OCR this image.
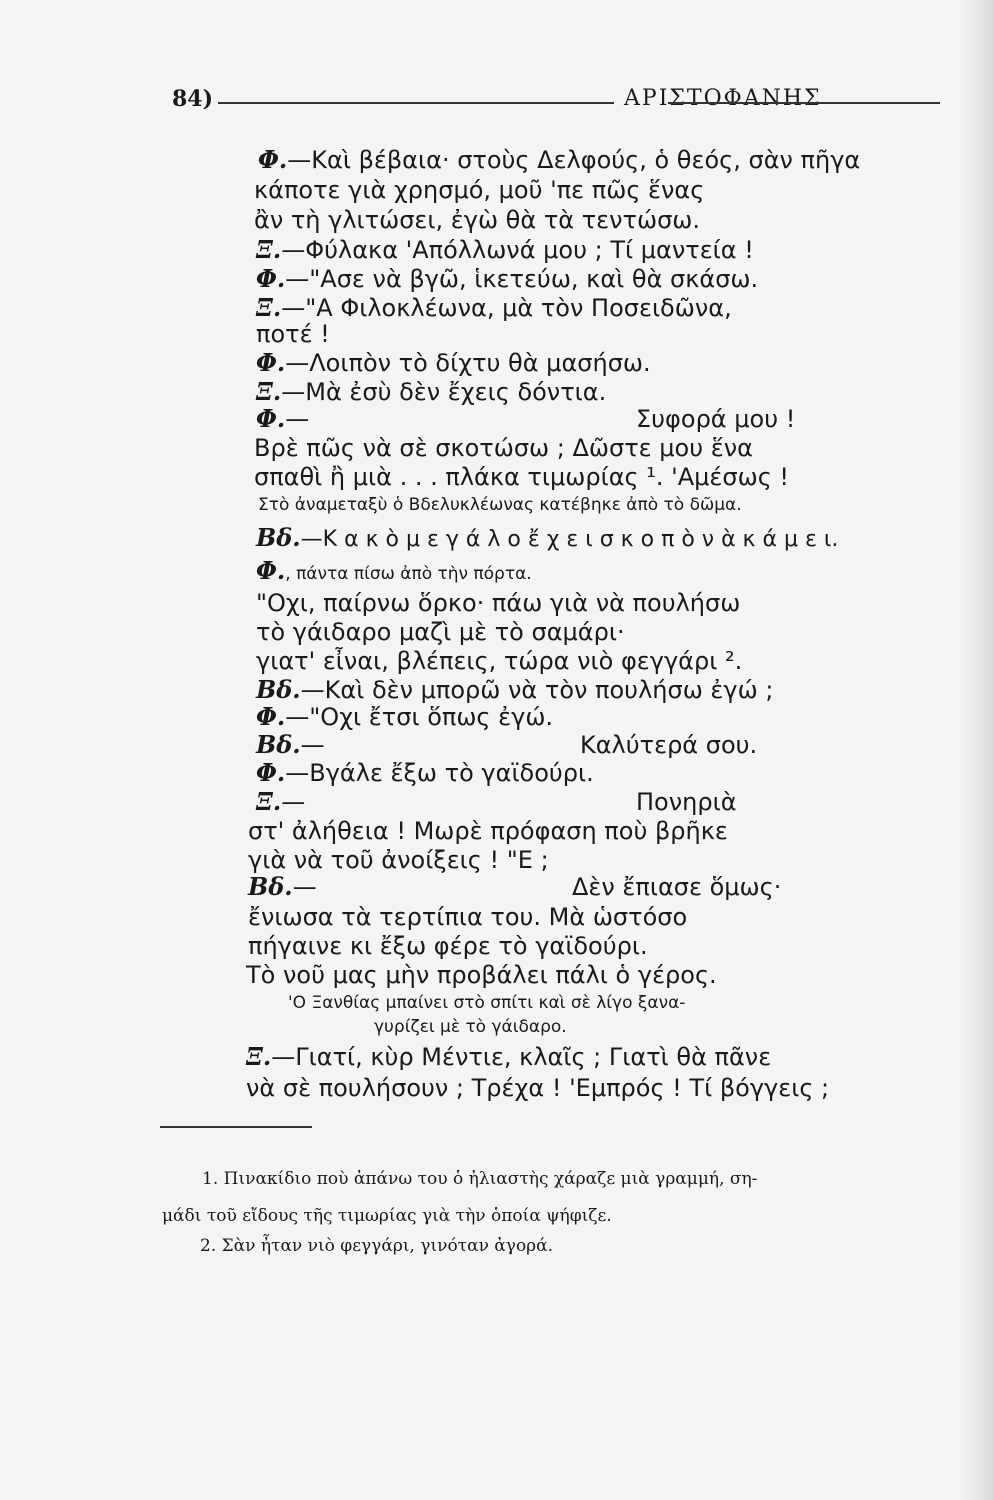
84)	ΑΡΙΣΤΟΦΑΝΗΣ
Φ.—Καὶ βέβαια· στοὺς Δελφούς, ὁ θεός, σὰν πῆγα
κάποτε γιὰ χρησμό, μοῦ 'πε πῶς ἕνας
ἂν τὴ γλιτώσει, ἐγὼ θὰ τὰ τεντώσω.
Ξ.—Φύλακα 'Απόλλωνά μου ; Τί μαντεία !
Φ.—"Ασε νὰ βγῶ, ἱκετεύω, καὶ θὰ σκάσω.
Ξ.—"Α Φιλοκλέωνα, μὰ τὸν Ποσειδῶνα,
ποτέ !
Φ.—Λοιπὸν τὸ δίχτυ θὰ μασήσω.
Ξ.—Μὰ ἐσὺ δὲν ἔχεις δόντια.
Φ.—	Συφορά μου !
Βρὲ πῶς νὰ σὲ σκοτώσω ; Δῶστε μου ἕνα
σπαθὶ ἢ μιὰ . . . πλάκα τιμωρίας ¹. 'Αμέσως !
Στὸ ἀναμεταξὺ ὁ Βδελυκλέωνας κατέβηκε ἀπὸ τὸ δῶμα.
Βδ.—Κ α κ ὸ μ ε γ ά λ ο ἔ χ ε ι σ κ ο π ὸ ν ὰ κ ά μ ε ι.
Φ., πάντα πίσω ἀπὸ τὴν πόρτα.
"Οχι, παίρνω ὅρκο· πάω γιὰ νὰ πουλήσω
τὸ γάιδαρο μαζὶ μὲ τὸ σαμάρι·
γιατ' εἶναι, βλέπεις, τώρα νιὸ φεγγάρι ².
Βδ.—Καὶ δὲν μπορῶ νὰ τὸν πουλήσω ἐγώ ;
Φ.—"Οχι ἔτσι ὅπως ἐγώ.
Βδ.—	Καλύτερά σου.
Φ.—Βγάλε ἔξω τὸ γαϊδούρι.
Ξ.—	Πονηριὰ
στ' ἀλήθεια ! Μωρὲ πρόφαση ποὺ βρῆκε
γιὰ νὰ τοῦ ἀνοίξεις ! "Ε ;
Βδ.—	Δὲν ἔπιασε ὅμως·
ἔνιωσα τὰ τερτίπια του. Μὰ ὡστόσο
πήγαινε κι ἔξω φέρε τὸ γαϊδούρι.
Τὸ νοῦ μας μὴν προβάλει πάλι ὁ γέρος.
'Ο Ξανθίας μπαίνει στὸ σπίτι καὶ σὲ λίγο ξανα-
γυρίζει μὲ τὸ γάιδαρο.
Ξ.—Γιατί, κὺρ Μέντιε, κλαῖς ; Γιατὶ θὰ πᾶνε
νὰ σὲ πουλήσουν ; Τρέχα ! 'Εμπρός ! Τί βόγγεις ;
1. Πινακίδιο ποὺ ἀπάνω του ὁ ἠλιαστὴς χάραζε μιὰ γραμμή, ση-
μάδι τοῦ εἴδους τῆς τιμωρίας γιὰ τὴν ὁποία ψήφιζε.
2. Σὰν ἦταν νιὸ φεγγάρι, γινόταν ἀγορά.
